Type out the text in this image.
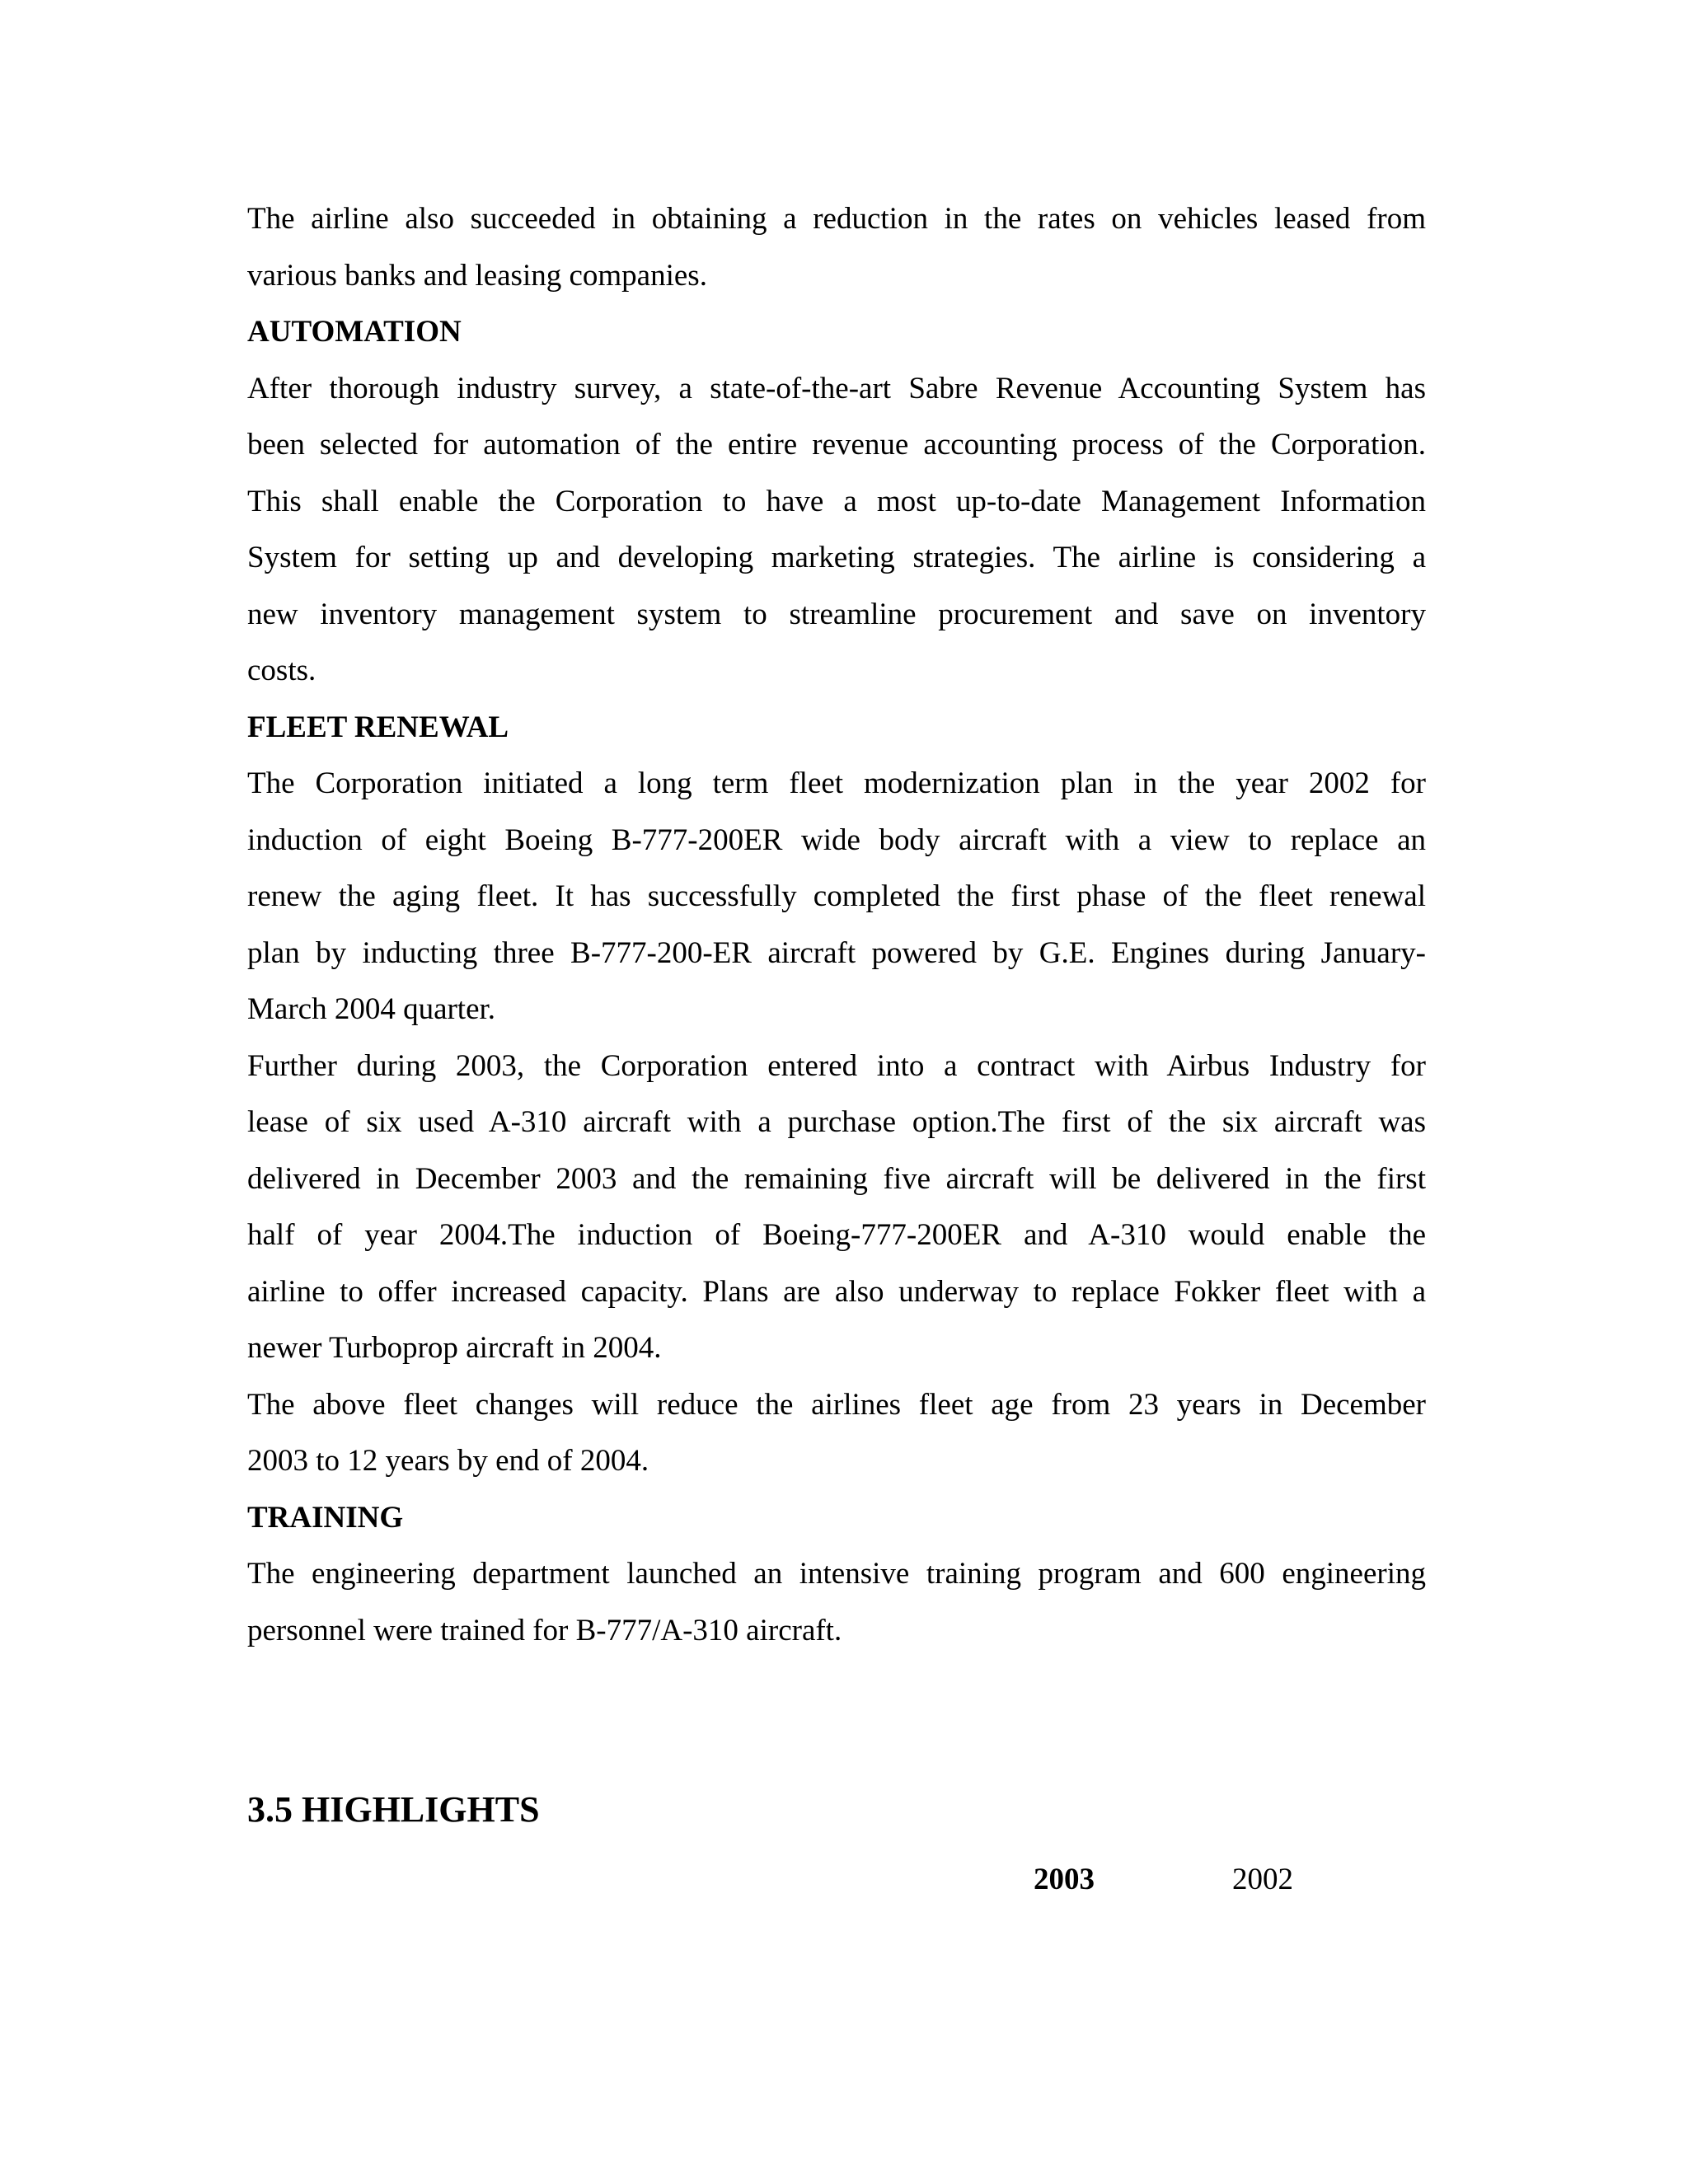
The airline also succeeded in obtaining a reduction in the rates on vehicles leased from

various banks and leasing companies.

AUTOMATION

After thorough industry survey, a state-of-the-art Sabre Revenue Accounting System has

been selected for automation of the entire revenue accounting process of the Corporation.

This shall enable the Corporation to have a most up-to-date Management Information

System for setting up and developing marketing strategies. The airline is considering a

new inventory management system to streamline procurement and save on inventory

costs.

FLEET RENEWAL

The Corporation initiated a long term fleet modernization plan in the year 2002 for

induction of eight Boeing B-777-200ER wide body aircraft with a view to replace an

renew the aging fleet. It has successfully completed the first phase of the fleet renewal

plan by inducting three B-777-200-ER aircraft powered by G.E. Engines during January-

March 2004 quarter.

Further during 2003, the Corporation entered into a contract with Airbus Industry for

lease of six used A-310 aircraft with a purchase option.The first of the six aircraft was

delivered in December 2003 and the remaining five aircraft will be delivered in the first

half of year 2004.The induction of Boeing-777-200ER and A-310 would enable the

airline to offer increased capacity. Plans are also underway to replace Fokker fleet with a

newer Turboprop aircraft in 2004.

The above fleet changes will reduce the airlines fleet age from 23 years in December

2003 to 12 years by end of 2004.

TRAINING

The engineering department launched an intensive training program and 600 engineering

personnel were trained for B-777/A-310 aircraft.

3.5 HIGHLIGHTS
2003	2002
